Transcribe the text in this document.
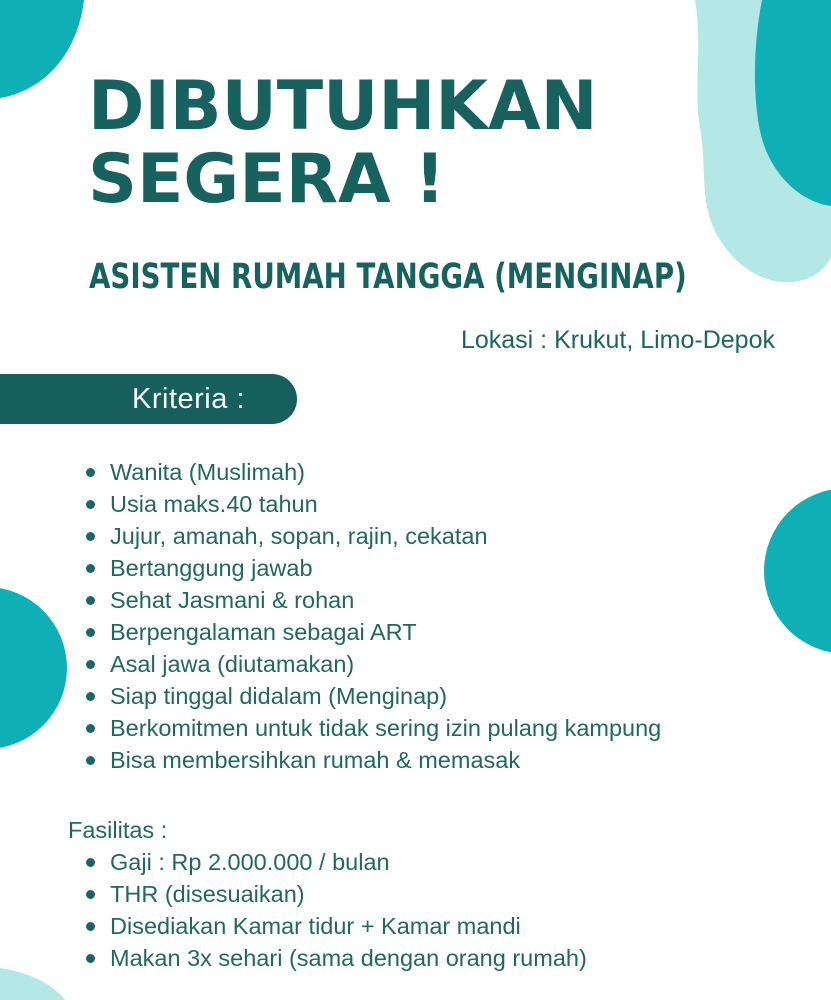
DIBUTUHKAN
SEGERA !
ASISTEN RUMAH TANGGA (MENGINAP)
Lokasi : Krukut, Limo-Depok
Kriteria :
Wanita (Muslimah)
Usia maks.40 tahun
Jujur, amanah, sopan, rajin, cekatan
Bertanggung jawab
Sehat Jasmani & rohan
Berpengalaman sebagai ART
Asal jawa (diutamakan)
Siap tinggal didalam (Menginap)
Berkomitmen untuk tidak sering izin pulang kampung
Bisa membersihkan rumah & memasak
Fasilitas :
Gaji : Rp 2.000.000 / bulan
THR (disesuaikan)
Disediakan Kamar tidur + Kamar mandi
Makan 3x sehari (sama dengan orang rumah)
